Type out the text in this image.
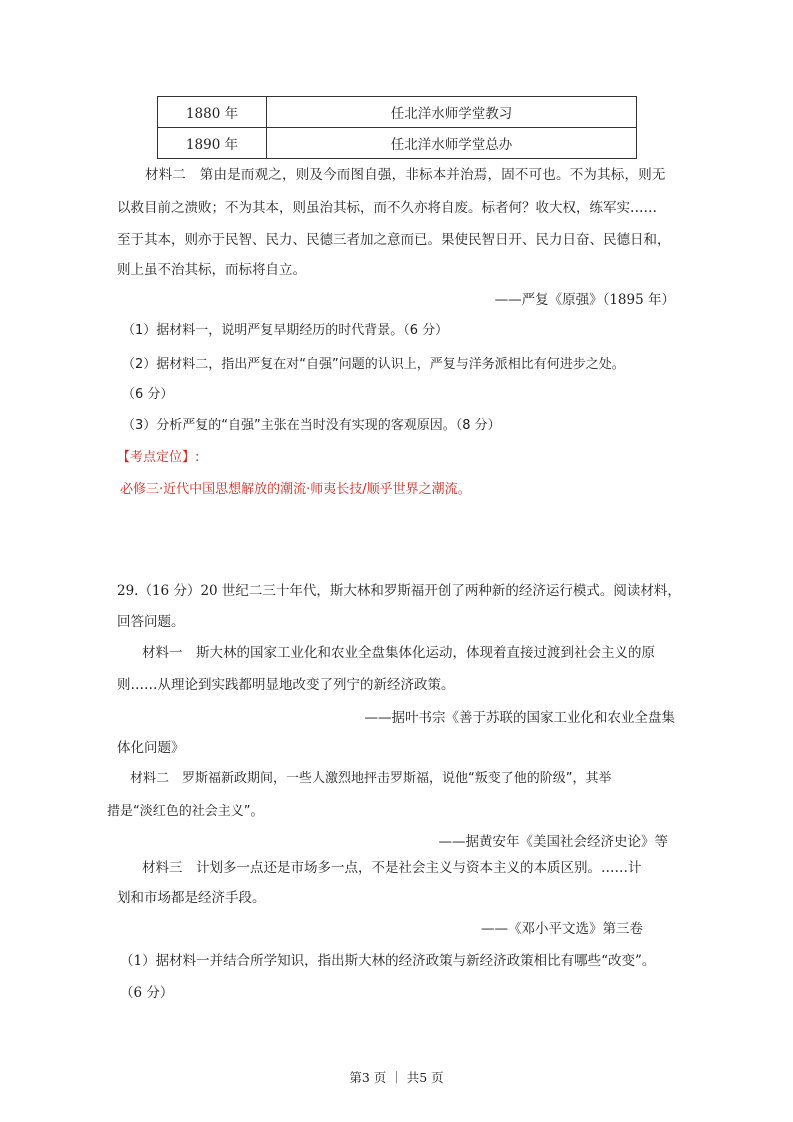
1880 年	任北洋水师学堂教习
1890 年	任北洋水师学堂总办
材料二　第由是而观之，则及今而图自强，非标本并治焉，固不可也。不为其标，则无
以救目前之溃败；不为其本，则虽治其标，而不久亦将自废。标者何？收大权，练军实……
至于其本，则亦于民智、民力、民德三者加之意而已。果使民智日开、民力日奋、民德日和，
则上虽不治其标，而标将自立。
——严复《原强》（1895 年）
（1）据材料一，说明严复早期经历的时代背景。（6 分）
（2）据材料二，指出严复在对“自强”问题的认识上，严复与洋务派相比有何进步之处。
（6 分）
（3）分析严复的“自强”主张在当时没有实现的客观原因。（8 分）
【考点定位】:
必修三·近代中国思想解放的潮流·师夷长技/顺乎世界之潮流。
29.（16 分）20 世纪二三十年代，斯大林和罗斯福开创了两种新的经济运行模式。阅读材料，
回答问题。
材料一　斯大林的国家工业化和农业全盘集体化运动，体现着直接过渡到社会主义的原
则……从理论到实践都明显地改变了列宁的新经济政策。
——据叶书宗《善于苏联的国家工业化和农业全盘集
体化问题》
材料二　罗斯福新政期间，一些人激烈地抨击罗斯福，说他“叛变了他的阶级”，其举
措是“淡红色的社会主义”。
——据黄安年《美国社会经济史论》等
材料三　计划多一点还是市场多一点，不是社会主义与资本主义的本质区别。……计
划和市场都是经济手段。
——《邓小平文选》第三卷
（1）据材料一并结合所学知识，指出斯大林的经济政策与新经济政策相比有哪些“改变”。
（6 分）
第3 页 ｜ 共5 页
